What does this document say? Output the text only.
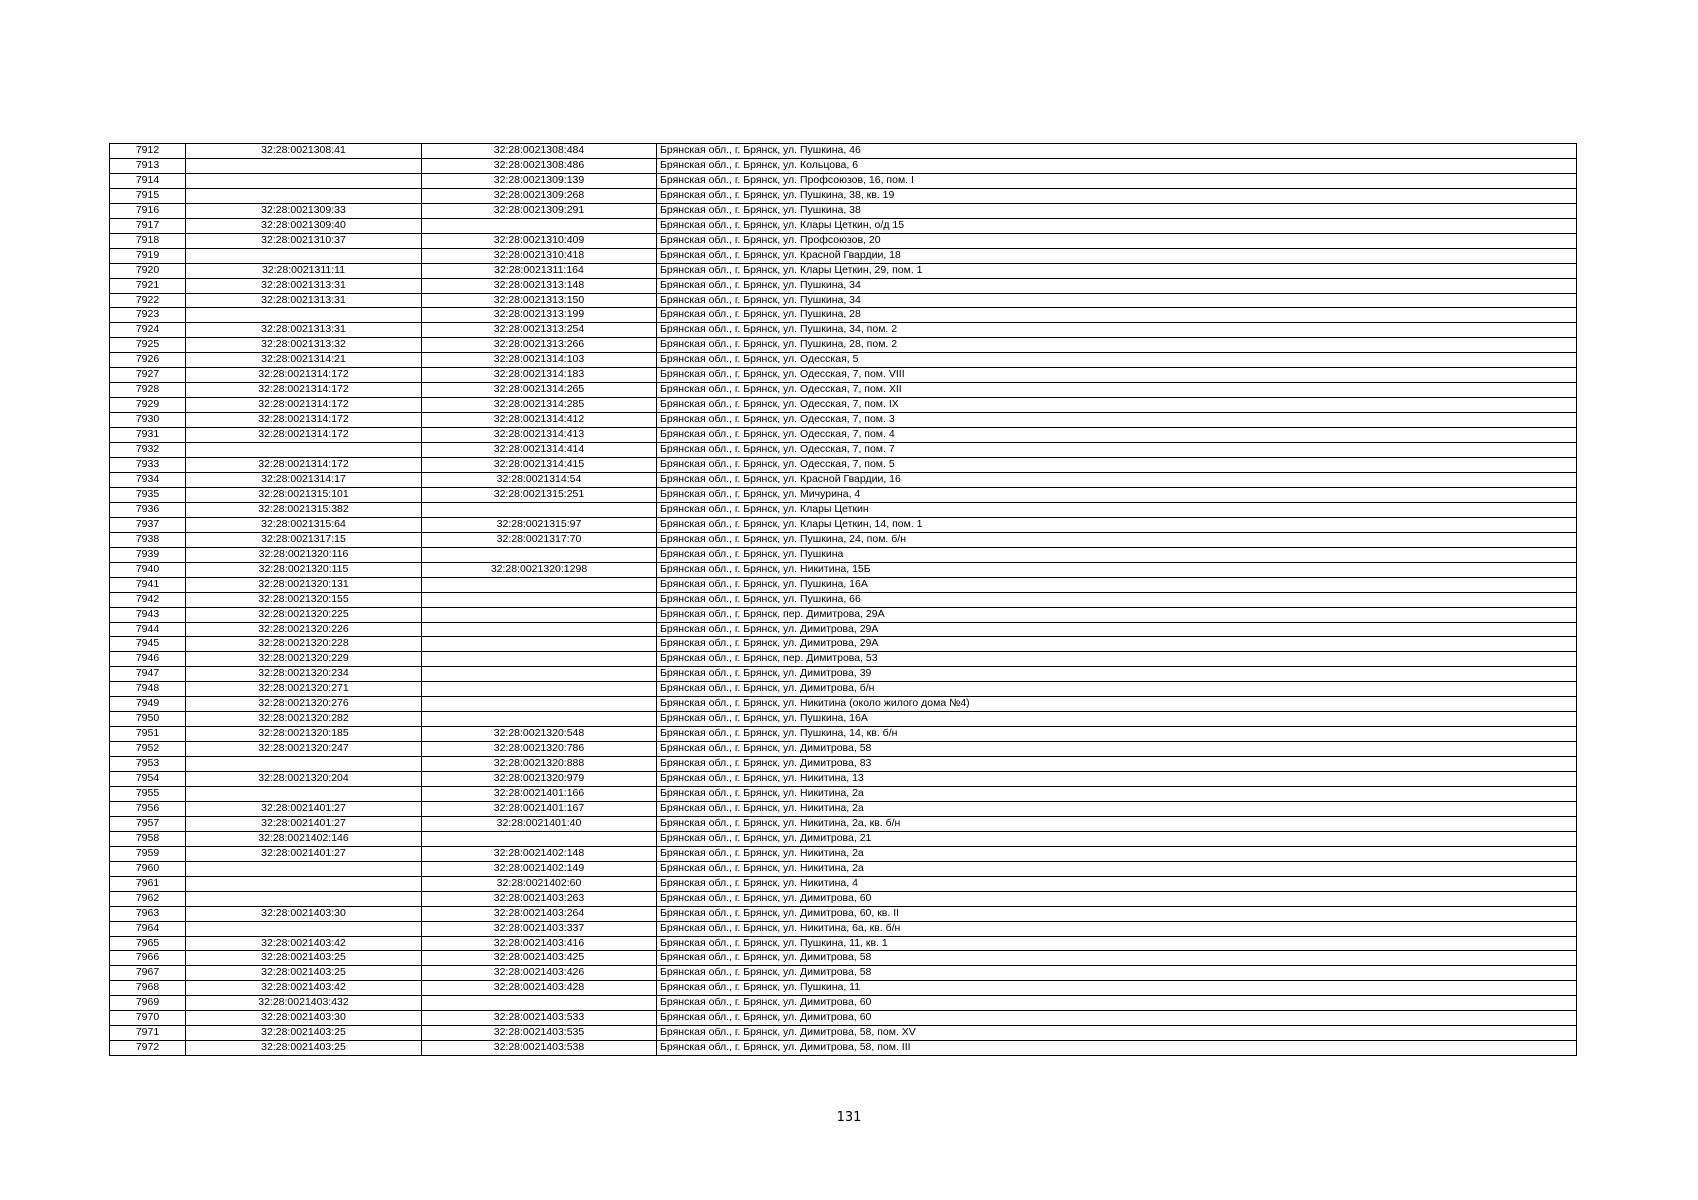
7912	32:28:0021308:41	32:28:0021308:484	Брянская обл., г. Брянск, ул. Пушкина, 46
7913		32:28:0021308:486	Брянская обл., г. Брянск, ул. Кольцова, 6
7914		32:28:0021309:139	Брянская обл., г. Брянск, ул. Профсоюзов, 16, пом. I
7915		32:28:0021309:268	Брянская обл., г. Брянск, ул. Пушкина, 38, кв. 19
7916	32:28:0021309:33	32:28:0021309:291	Брянская обл., г. Брянск, ул. Пушкина, 38
7917	32:28:0021309:40		Брянская обл., г. Брянск, ул. Клары Цеткин, о/д 15
7918	32:28:0021310:37	32:28:0021310:409	Брянская обл., г. Брянск, ул. Профсоюзов, 20
7919		32:28:0021310:418	Брянская обл., г. Брянск, ул. Красной Гвардии, 18
7920	32:28:0021311:11	32:28:0021311:164	Брянская обл., г. Брянск, ул. Клары Цеткин, 29, пом. 1
7921	32:28:0021313:31	32:28:0021313:148	Брянская обл., г. Брянск, ул. Пушкина, 34
7922	32:28:0021313:31	32:28:0021313:150	Брянская обл., г. Брянск, ул. Пушкина, 34
7923		32:28:0021313:199	Брянская обл., г. Брянск, ул. Пушкина, 28
7924	32:28:0021313:31	32:28:0021313:254	Брянская обл., г. Брянск, ул. Пушкина, 34, пом. 2
7925	32:28:0021313:32	32:28:0021313:266	Брянская обл., г. Брянск, ул. Пушкина, 28, пом. 2
7926	32:28:0021314:21	32:28:0021314:103	Брянская обл., г. Брянск, ул. Одесская, 5
7927	32:28:0021314:172	32:28:0021314:183	Брянская обл., г. Брянск, ул. Одесская, 7, пом. VIII
7928	32:28:0021314:172	32:28:0021314:265	Брянская обл., г. Брянск, ул. Одесская, 7, пом. XII
7929	32:28:0021314:172	32:28:0021314:285	Брянская обл., г. Брянск, ул. Одесская, 7, пом. IX
7930	32:28:0021314:172	32:28:0021314:412	Брянская обл., г. Брянск, ул. Одесская, 7, пом. 3
7931	32:28:0021314:172	32:28:0021314:413	Брянская обл., г. Брянск, ул. Одесская, 7, пом. 4
7932		32:28:0021314:414	Брянская обл., г. Брянск, ул. Одесская, 7, пом. 7
7933	32:28:0021314:172	32:28:0021314:415	Брянская обл., г. Брянск, ул. Одесская, 7, пом. 5
7934	32:28:0021314:17	32:28:0021314:54	Брянская обл., г. Брянск, ул. Красной Гвардии, 16
7935	32:28:0021315:101	32:28:0021315:251	Брянская обл., г. Брянск, ул. Мичурина, 4
7936	32:28:0021315:382		Брянская обл., г. Брянск, ул. Клары Цеткин
7937	32:28:0021315:64	32:28:0021315:97	Брянская обл., г. Брянск, ул. Клары Цеткин, 14, пом. 1
7938	32:28:0021317:15	32:28:0021317:70	Брянская обл., г. Брянск, ул. Пушкина, 24, пом. б/н
7939	32:28:0021320:116		Брянская обл., г. Брянск, ул. Пушкина
7940	32:28:0021320:115	32:28:0021320:1298	Брянская обл., г. Брянск, ул. Никитина, 15Б
7941	32:28:0021320:131		Брянская обл., г. Брянск, ул. Пушкина, 16А
7942	32:28:0021320:155		Брянская обл., г. Брянск, ул. Пушкина, 66
7943	32:28:0021320:225		Брянская обл., г. Брянск, пер. Димитрова, 29А
7944	32:28:0021320:226		Брянская обл., г. Брянск, ул. Димитрова, 29А
7945	32:28:0021320:228		Брянская обл., г. Брянск, ул. Димитрова, 29А
7946	32:28:0021320:229		Брянская обл., г. Брянск, пер. Димитрова, 53
7947	32:28:0021320:234		Брянская обл., г. Брянск, ул. Димитрова, 39
7948	32:28:0021320:271		Брянская обл., г. Брянск, ул. Димитрова, б/н
7949	32:28:0021320:276		Брянская обл., г. Брянск, ул. Никитина (около жилого дома №4)
7950	32:28:0021320:282		Брянская обл., г. Брянск, ул. Пушкина, 16А
7951	32:28:0021320:185	32:28:0021320:548	Брянская обл., г. Брянск, ул. Пушкина, 14, кв. б/н
7952	32:28:0021320:247	32:28:0021320:786	Брянская обл., г. Брянск, ул. Димитрова, 58
7953		32:28:0021320:888	Брянская обл., г. Брянск, ул. Димитрова, 83
7954	32:28:0021320:204	32:28:0021320:979	Брянская обл., г. Брянск, ул. Никитина, 13
7955		32:28:0021401:166	Брянская обл., г. Брянск, ул. Никитина, 2а
7956	32:28:0021401:27	32:28:0021401:167	Брянская обл., г. Брянск, ул. Никитина, 2а
7957	32:28:0021401:27	32:28:0021401:40	Брянская обл., г. Брянск, ул. Никитина, 2а, кв. б/н
7958	32:28:0021402:146		Брянская обл., г. Брянск, ул. Димитрова, 21
7959	32:28:0021401:27	32:28:0021402:148	Брянская обл., г. Брянск, ул. Никитина, 2а
7960		32:28:0021402:149	Брянская обл., г. Брянск, ул. Никитина, 2а
7961		32:28:0021402:60	Брянская обл., г. Брянск, ул. Никитина, 4
7962		32:28:0021403:263	Брянская обл., г. Брянск, ул. Димитрова, 60
7963	32:28:0021403:30	32:28:0021403:264	Брянская обл., г. Брянск, ул. Димитрова, 60, кв. II
7964		32:28:0021403:337	Брянская обл., г. Брянск, ул. Никитина, 6а, кв. б/н
7965	32:28:0021403:42	32:28:0021403:416	Брянская обл., г. Брянск, ул. Пушкина, 11, кв. 1
7966	32:28:0021403:25	32:28:0021403:425	Брянская обл., г. Брянск, ул. Димитрова, 58
7967	32:28:0021403:25	32:28:0021403:426	Брянская обл., г. Брянск, ул. Димитрова, 58
7968	32:28:0021403:42	32:28:0021403:428	Брянская обл., г. Брянск, ул. Пушкина, 11
7969	32:28:0021403:432		Брянская обл., г. Брянск, ул. Димитрова, 60
7970	32:28:0021403:30	32:28:0021403:533	Брянская обл., г. Брянск, ул. Димитрова, 60
7971	32:28:0021403:25	32:28:0021403:535	Брянская обл., г. Брянск, ул. Димитрова, 58, пом. XV
7972	32:28:0021403:25	32:28:0021403:538	Брянская обл., г. Брянск, ул. Димитрова, 58, пом. III
131
